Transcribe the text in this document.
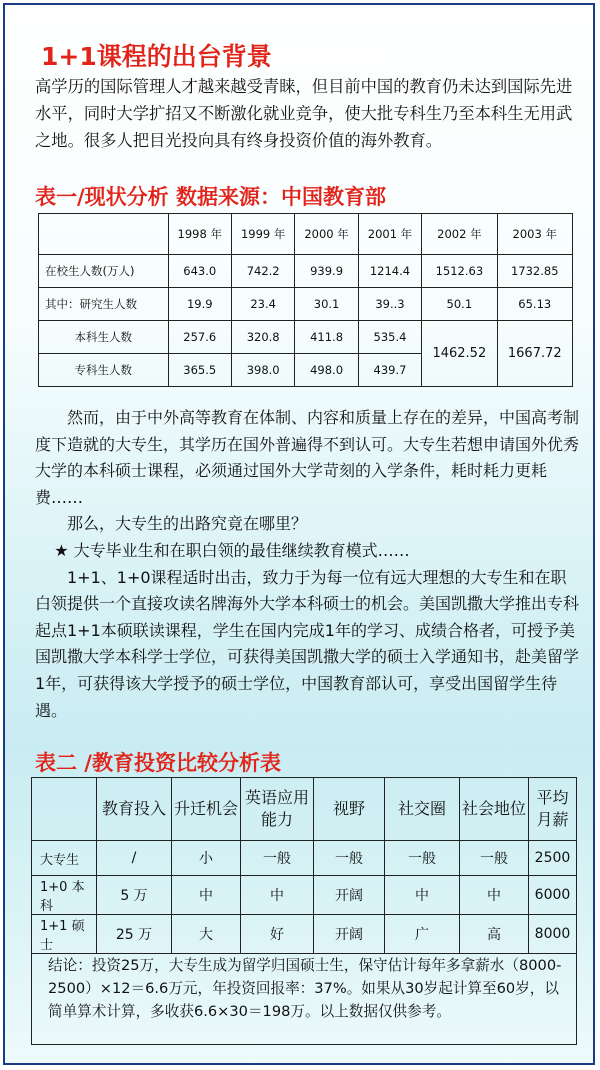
1+1课程的出台背景
高学历的国际管理人才越来越受青睐，但目前中国的教育仍未达到国际先进水平，同时大学扩招又不断激化就业竞争，使大批专科生乃至本科生无用武之地。很多人把目光投向具有终身投资价值的海外教育。
表一/现状分析 数据来源：中国教育部
	1998 年	1999 年	2000 年	2001 年	2002 年	2003 年
在校生人数(万人)	643.0	742.2	939.9	1214.4	1512.63	1732.85
其中：研究生人数	19.9	23.4	30.1	39..3	50.1	65.13
本科生人数	257.6	320.8	411.8	535.4	1462.52	1667.72
专科生人数	365.5	398.0	498.0	439.7		

然而，由于中外高等教育在体制、内容和质量上存在的差异，中国高考制度下造就的大专生，其学历在国外普遍得不到认可。大专生若想申请国外优秀大学的本科硕士课程，必须通过国外大学苛刻的入学条件，耗时耗力更耗费……

那么，大专生的出路究竟在哪里？

★ 大专毕业生和在职白领的最佳继续教育模式……

1+1、1+0课程适时出击，致力于为每一位有远大理想的大专生和在职白领提供一个直接攻读名牌海外大学本科硕士的机会。美国凯撒大学推出专科起点1+1本硕联读课程，学生在国内完成1年的学习、成绩合格者，可授予美国凯撒大学本科学士学位，可获得美国凯撒大学的硕士入学通知书，赴美留学1年，可获得该大学授予的硕士学位，中国教育部认可，享受出国留学生待遇。

表二 /教育投资比较分析表
	教育投入	升迁机会	英语应用能力	视野	社交圈	社会地位	平均月薪
大专生	/	小	一般	一般	一般	一般	2500
1+0 本科	5 万	中	中	开阔	中	中	6000
1+1 硕士	25 万	大	好	开阔	广	高	8000
结论：投资25万，大专生成为留学归国硕士生，保守估计每年多拿薪水（8000-2500）×12＝6.6万元，年投资回报率：37%。如果从30岁起计算至60岁，以简单算术计算，多收获6.6×30＝198万。以上数据仅供参考。
